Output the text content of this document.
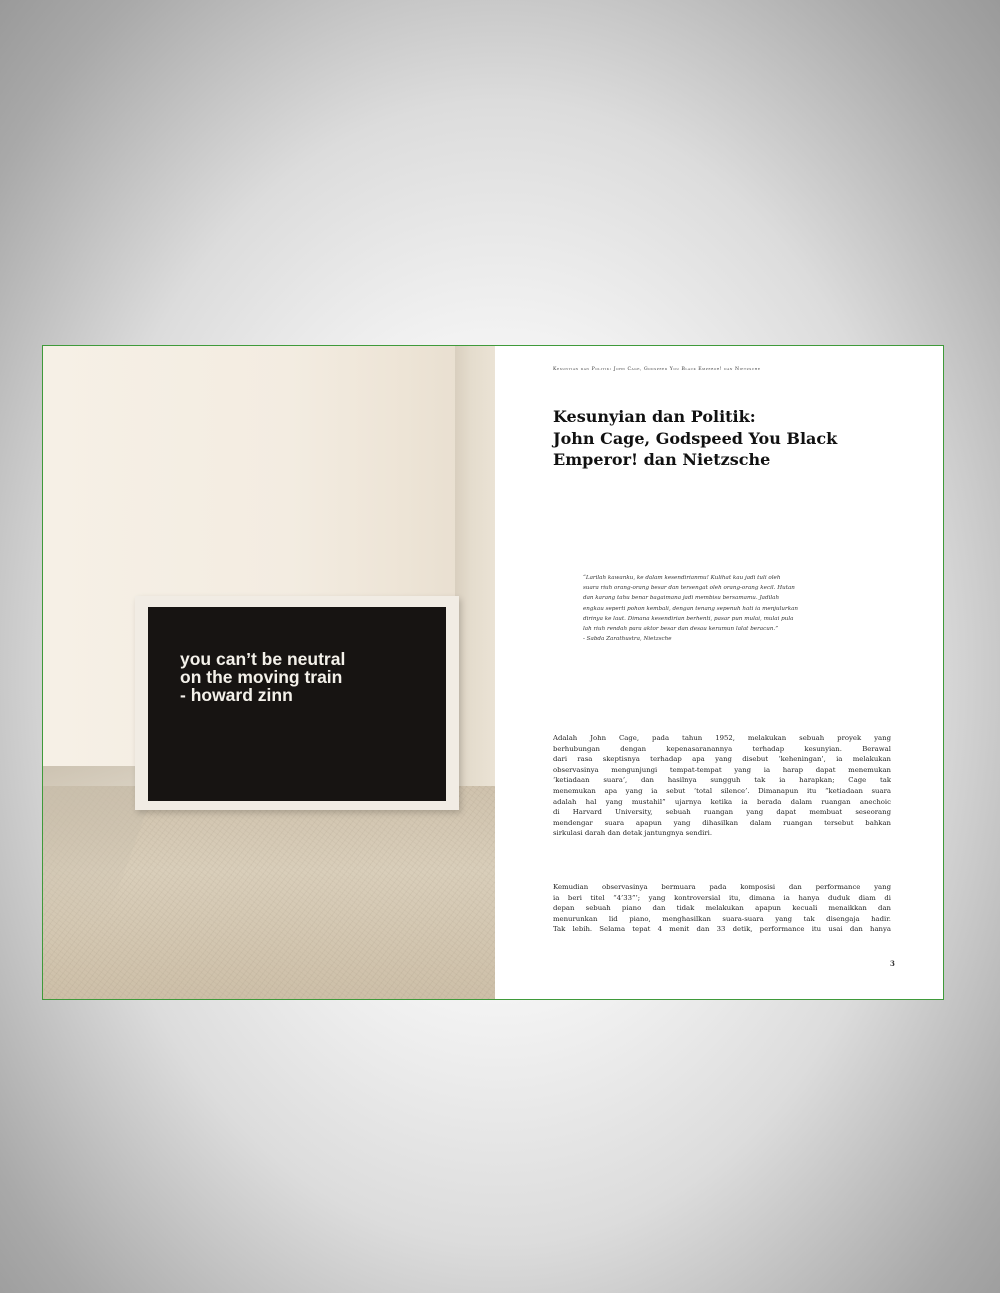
you can’t be neutral
on the moving train
- howard zinn

Kesunyian dan Politik: John Cage, Godspeed You Black Emperor! dan Nietzsche

Kesunyian dan Politik:
John Cage, Godspeed You Black
Emperor! dan Nietzsche
“Larilah kawanku, ke dalam kesendirianmu! Kulihat kau jadi tuli oleh
suara riuh orang-orang besar dan tersengat oleh orang-orang kecil. Hutan
dan karang tahu benar bagaimana jadi membisu bersamamu. Jadilah
engkau seperti pohon kembali, dengan tenang sepenuh hati ia menjulurkan
dirinya ke laut. Dimana kesendirian berhenti, pasar pun mulai, mulai pula
lah riuh rendah para aktor besar dan desau kerumun lalat beracun.”
- Sabda Zarathustra, Nietzsche
Adalah John Cage, pada tahun 1952, melakukan sebuah proyek yang
berhubungan dengan kepenasaranannya terhadap kesunyian. Berawal
dari rasa skeptisnya terhadap apa yang disebut ‘keheningan’, ia melakukan
observasinya mengunjungi tempat-tempat yang ia harap dapat menemukan
‘ketiadaan suara’, dan hasilnya sungguh tak ia harapkan; Cage tak
menemukan apa yang ia sebut ‘total silence’. Dimanapun itu “ketiadaan suara
adalah hal yang mustahil” ujarnya ketika ia berada dalam ruangan anechoic
di Harvard University, sebuah ruangan yang dapat membuat seseorang
mendengar suara apapun yang dihasilkan dalam ruangan tersebut bahkan
sirkulasi darah dan detak jantungnya sendiri.
Kemudian observasinya bermuara pada komposisi dan performance yang
ia beri titel “4’33”’; yang kontroversial itu, dimana ia hanya duduk diam di
depan sebuah piano dan tidak melakukan apapun kecuali menaikkan dan
menurunkan lid piano, menghasilkan suara-suara yang tak disengaja hadir.
Tak lebih. Selama tepat 4 menit dan 33 detik, performance itu usai dan hanya

3
